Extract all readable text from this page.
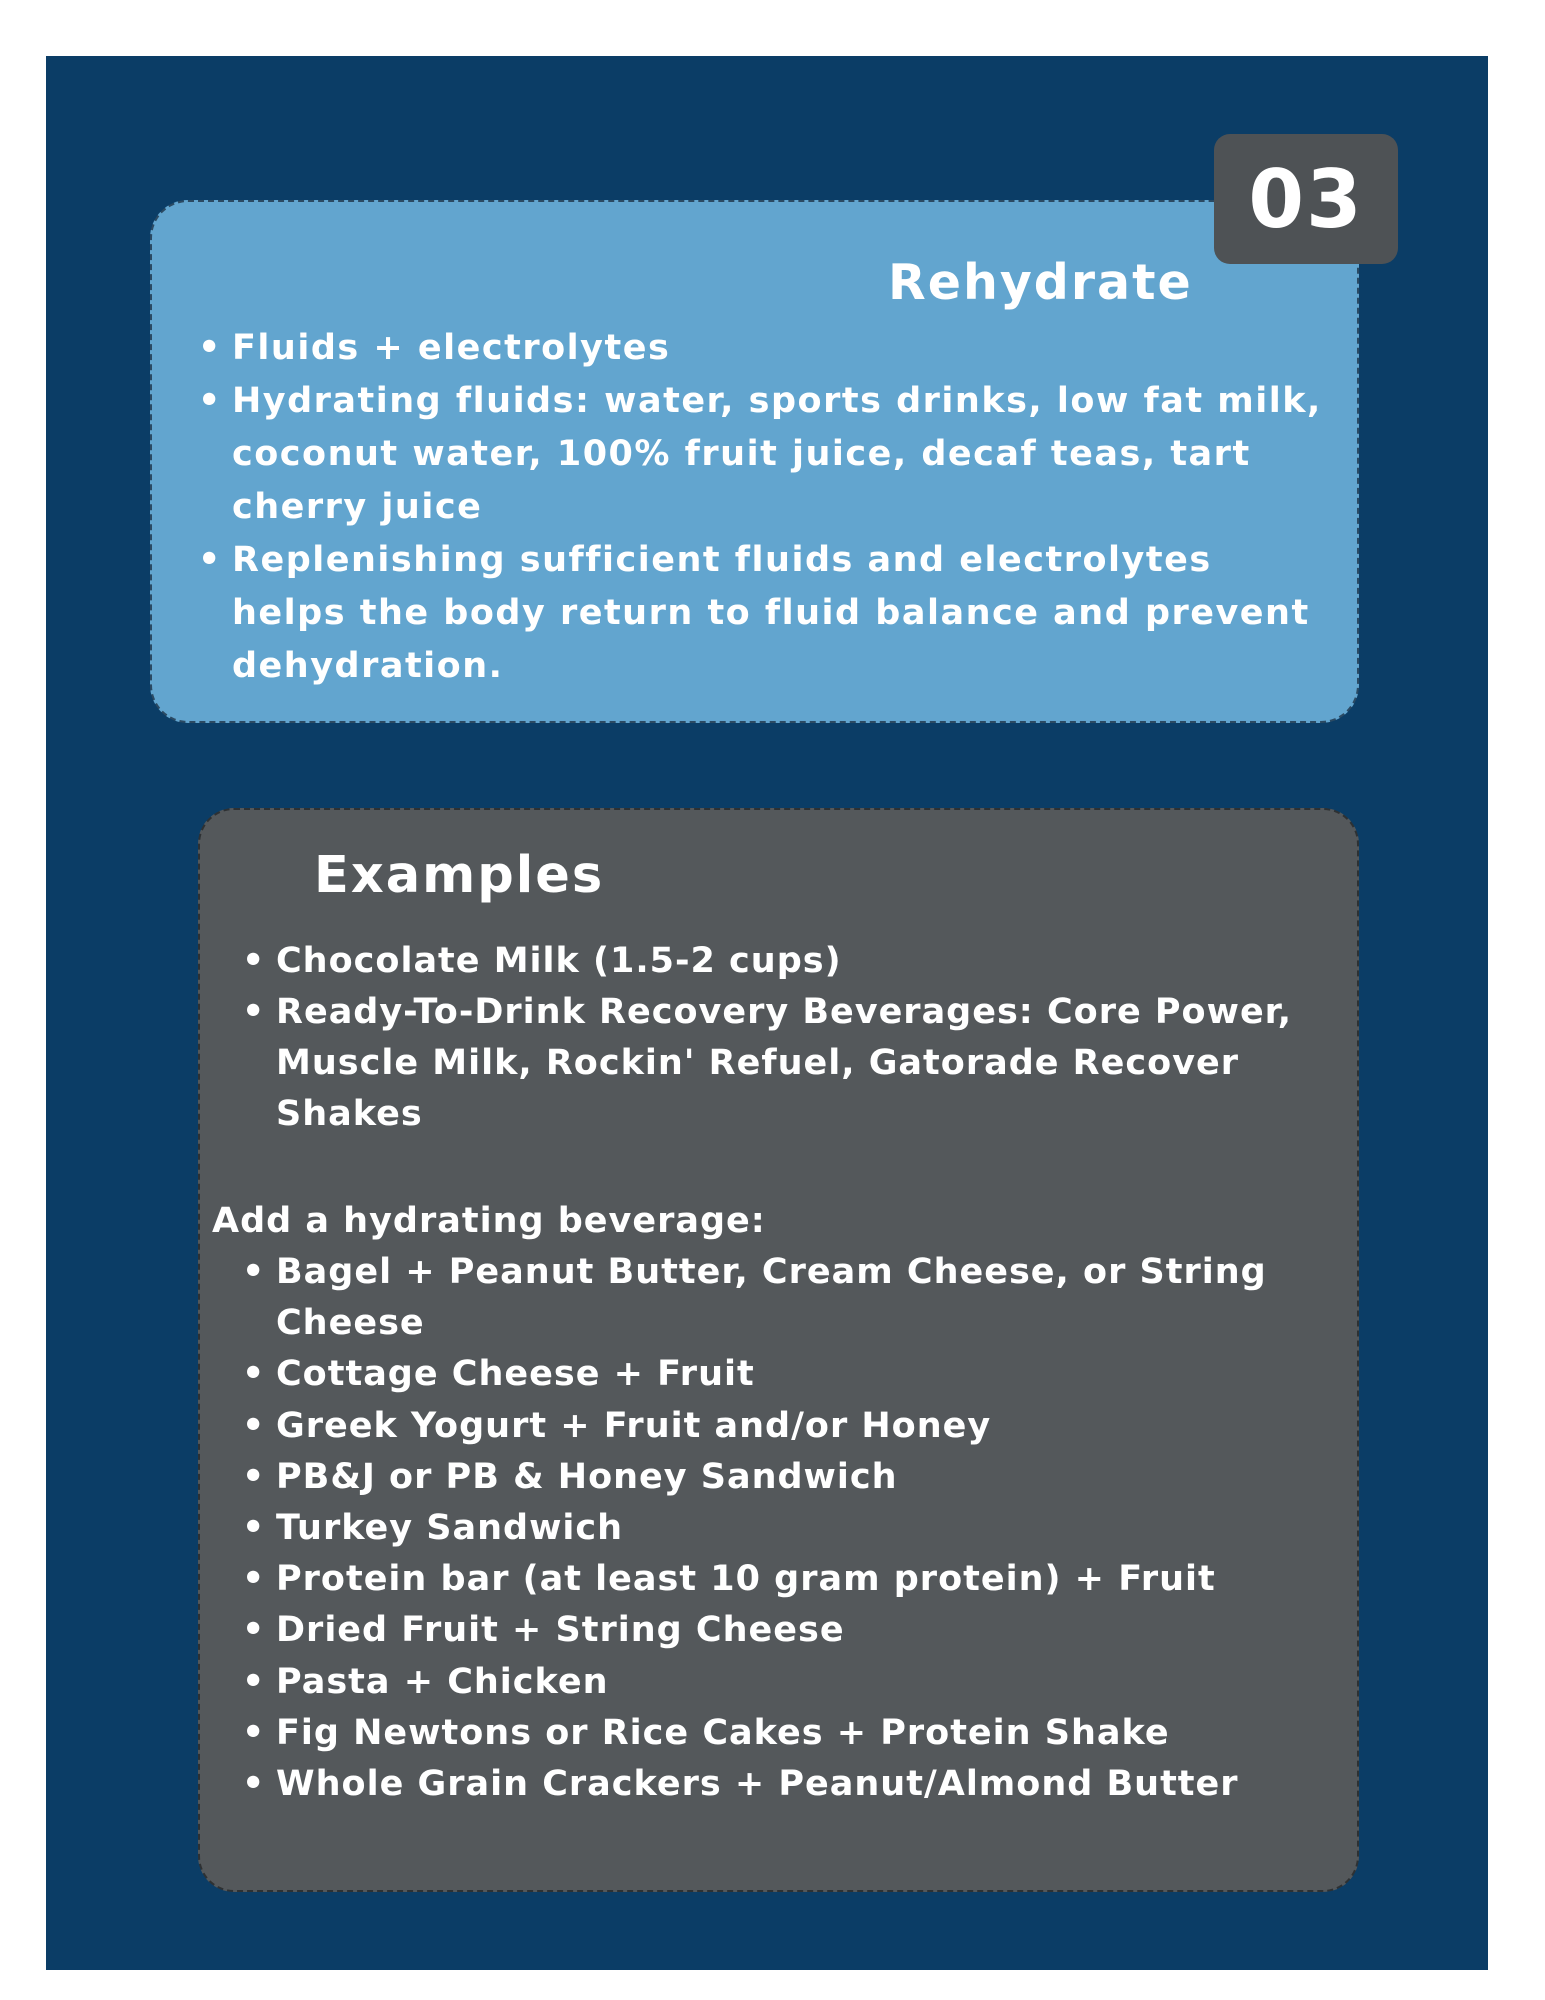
03
Rehydrate
• Fluids + electrolytes
• Hydrating fluids: water, sports drinks, low fat milk, coconut water, 100% fruit juice, decaf teas, tart cherry juice
• Replenishing sufficient fluids and electrolytes helps the body return to fluid balance and prevent dehydration.
Examples
• Chocolate Milk (1.5-2 cups)
• Ready-To-Drink Recovery Beverages: Core Power, Muscle Milk, Rockin' Refuel, Gatorade Recover Shakes
Add a hydrating beverage:
• Bagel + Peanut Butter, Cream Cheese, or String Cheese
• Cottage Cheese + Fruit
• Greek Yogurt + Fruit and/or Honey
• PB&J or PB & Honey Sandwich
• Turkey Sandwich
• Protein bar (at least 10 gram protein) + Fruit
• Dried Fruit + String Cheese
• Pasta + Chicken
• Fig Newtons or Rice Cakes + Protein Shake
• Whole Grain Crackers + Peanut/Almond Butter
